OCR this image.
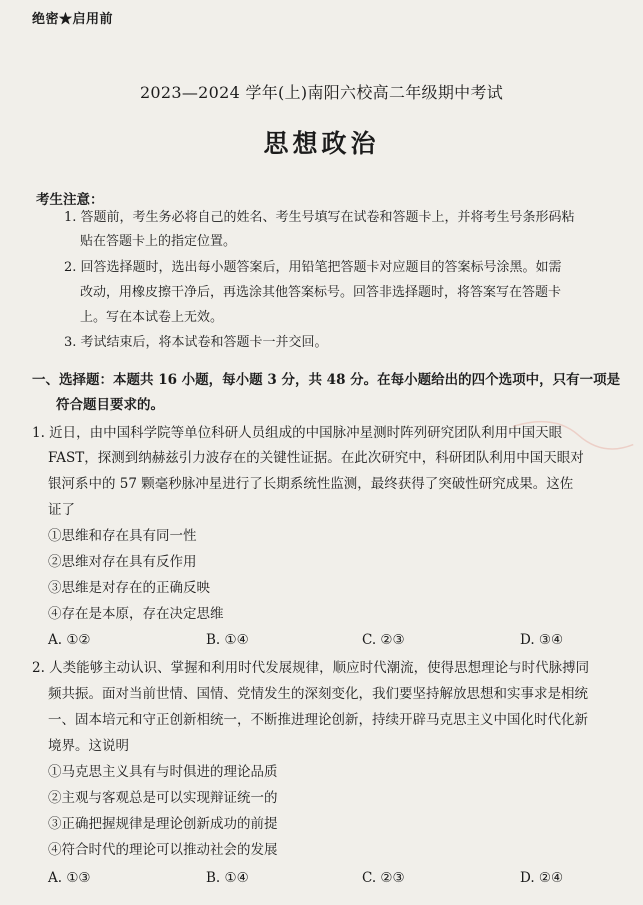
绝密★启用前
2023—2024 学年(上)南阳六校高二年级期中考试
思想政治
考生注意：
1. 答题前，考生务必将自己的姓名、考生号填写在试卷和答题卡上，并将考生号条形码粘
贴在答题卡上的指定位置。
2. 回答选择题时，选出每小题答案后，用铅笔把答题卡对应题目的答案标号涂黑。如需
改动，用橡皮擦干净后，再选涂其他答案标号。回答非选择题时，将答案写在答题卡
上。写在本试卷上无效。
3. 考试结束后，将本试卷和答题卡一并交回。
一、选择题：本题共 16 小题，每小题 3 分，共 48 分。在每小题给出的四个选项中，只有一项是
符合题目要求的。
1. 近日，由中国科学院等单位科研人员组成的中国脉冲星测时阵列研究团队利用中国天眼
FAST，探测到纳赫兹引力波存在的关键性证据。在此次研究中，科研团队利用中国天眼对
银河系中的 57 颗毫秒脉冲星进行了长期系统性监测，最终获得了突破性研究成果。这佐
证了
①思维和存在具有同一性
②思维对存在具有反作用
③思维是对存在的正确反映
④存在是本原，存在决定思维
A. ①②	B. ①④	C. ②③	D. ③④
2. 人类能够主动认识、掌握和利用时代发展规律，顺应时代潮流，使得思想理论与时代脉搏同
频共振。面对当前世情、国情、党情发生的深刻变化，我们要坚持解放思想和实事求是相统
一、固本培元和守正创新相统一，不断推进理论创新，持续开辟马克思主义中国化时代化新
境界。这说明
①马克思主义具有与时俱进的理论品质
②主观与客观总是可以实现辩证统一的
③正确把握规律是理论创新成功的前提
④符合时代的理论可以推动社会的发展
A. ①③	B. ①④	C. ②③	D. ②④
